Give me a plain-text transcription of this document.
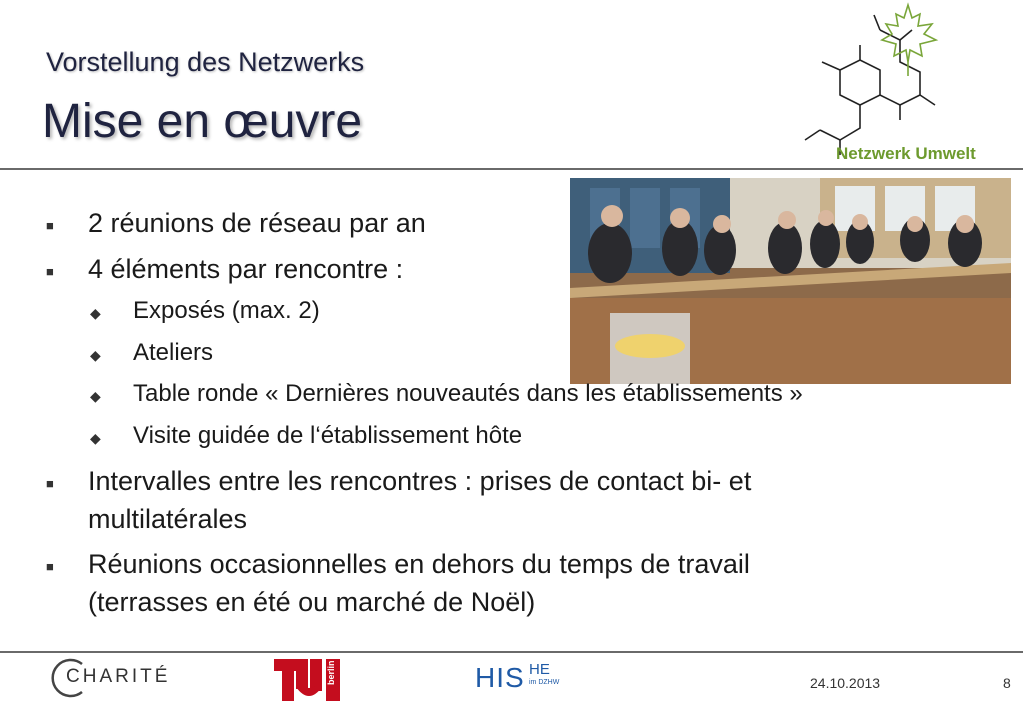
Vorstellung des Netzwerks
Mise en œuvre
Netzwerk Umwelt
■ 2 réunions de réseau par an
■ 4 éléments par rencontre :
◆ Exposés (max. 2)
◆ Ateliers
◆ Table ronde « Dernières nouveautés dans les établissements »
◆ Visite guidée de l‘établissement hôte
■ Intervalles entre les rencontres : prises de contact bi- et
multilatérales
■ Réunions occasionnelles en dehors du temps de travail
(terrasses en été ou marché de Noël)
CHARITÉ	berlin	HIS HE
im DZHW	24.10.2013	8
